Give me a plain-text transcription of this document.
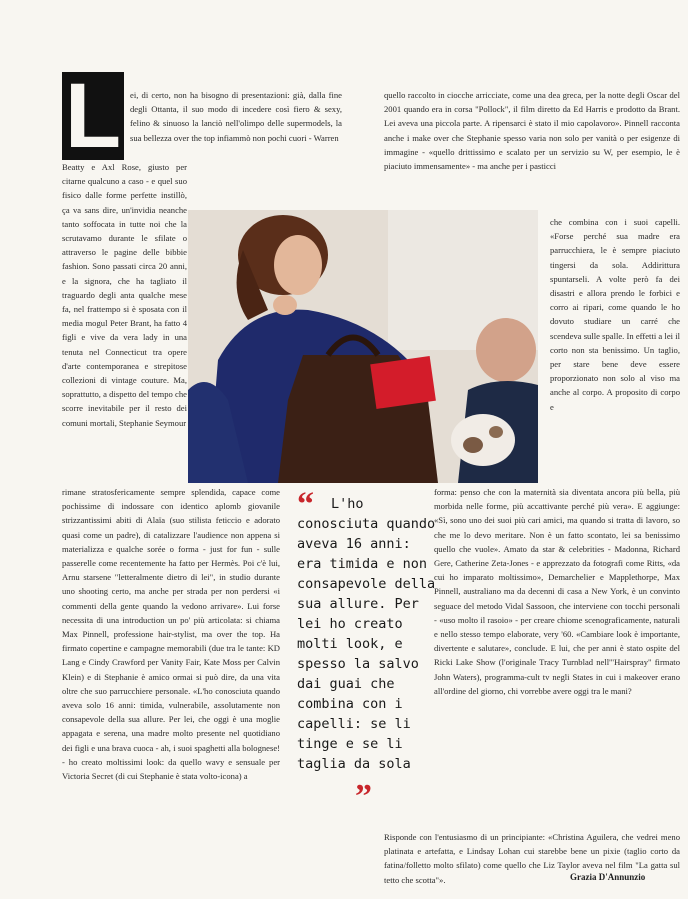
L	ei, di certo, non ha bisogno di presentazioni: già, dalla fine degli Ottanta, il suo modo di incedere così fiero & sexy, felino & sinuoso la lanciò nell'olimpo delle supermodels, la sua bellezza over the top infiammò non pochi cuori - Warren

Beatty e Axl Rose, giusto per citarne qualcuno a caso - e quel suo fisico dalle forme perfette instillò, ça va sans dire, un'invidia neanche tanto soffocata in tutte noi che la scrutavamo durante le sfilate o attraverso le pagine delle bibbie fashion. Sono passati circa 20 anni, e la signora, che ha tagliato il traguardo degli anta qualche mese fa, nel frattempo si è sposata con il media mogul Peter Brant, ha fatto 4 figli e vive da vera lady in una tenuta nel Connecticut tra opere d'arte contemporanea e strepitose collezioni di vintage couture. Ma, soprattutto, a dispetto del tempo che scorre inevitabile per il resto dei comuni mortali, Stephanie Seymour

rimane stratosfericamente sempre splendida, capace come pochissime di indossare con identico aplomb giovanile strizzantissimi abiti di Alaïa (suo stilista feticcio e adorato quasi come un padre), di catalizzare l'audience non appena si materializza e qualche sorée o forma - just for fun - sulle passerelle come recentemente ha fatto per Hermès. Poi c'è lui, Arnu starsene "letteralmente dietro di lei", in studio durante uno shooting certo, ma anche per strada per non perdersi «i commenti della gente quando la vedono arrivare». Lui forse necessita di una introduction un po' più articolata: si chiama Max Pinnell, professione hair-stylist, ma over the top. Ha firmato copertine e campagne memorabili (due tra le tante: KD Lang e Cindy Crawford per Vanity Fair, Kate Moss per Calvin Klein) e di Stephanie è amico ormai si può dire, da una vita oltre che suo parrucchiere personale. «L'ho conosciuta quando aveva solo 16 anni: timida, vulnerabile, assolutamente non consapevole della sua allure. Per lei, che oggi è una moglie appagata e serena, una madre molto presente nel quotidiano dei figli e una brava cuoca - ah, i suoi spaghetti alla bolognese! - ho creato moltissimi look: da quello wavy e sensuale per Victoria Secret (di cui Stephanie è stata volto-icona) a

quello raccolto in ciocche arricciate, come una dea greca, per la notte degli Oscar del 2001 quando era in corsa "Pollock", il film diretto da Ed Harris e prodotto da Brant. Lei aveva una piccola parte. A ripensarci è stato il mio capolavoro». Pinnell racconta anche i make over che Stephanie spesso varia non solo per vanità o per esigenze di immagine - «quello drittissimo e scalato per un servizio su W, per esempio, le è piaciuto immensamente» - ma anche per i pasticci

che combina con i suoi capelli. «Forse perché sua madre era parrucchiera, le è sempre piaciuto tingersi da sola. Addirittura spuntarseli. A volte però fa dei disastri e allora prendo le forbici e corro ai ripari, come quando le ho dovuto studiare un carré che scendeva sulle spalle. In effetti a lei il corto non sta benissimo. Un taglio, per stare bene deve essere proporzionato non solo al viso ma anche al corpo. A proposito di corpo e

forma: penso che con la maternità sia diventata ancora più bella, più morbida nelle forme, più accattivante perché più vera». E aggiunge: «Sì, sono uno dei suoi più cari amici, ma quando si tratta di lavoro, so che me lo devo meritare. Non è un fatto scontato, lei sa benissimo quello che vuole». Amato da star & celebrities - Madonna, Richard Gere, Catherine Zeta-Jones - e apprezzato da fotografi come Ritts, «da cui ho imparato moltissimo», Demarchelier e Mapplethorpe, Max Pinnell, australiano ma da decenni di casa a New York, è un convinto seguace del metodo Vidal Sassoon, che interviene con tocchi personali - «uso molto il rasoio» - per creare chiome scenograficamente, naturali e nello stesso tempo elaborate, very '60. «Cambiare look è importante, divertente e salutare», conclude. E lui, che per anni è stato ospite del Ricki Lake Show (l'originale Tracy Turnblad nell'"Hairspray" firmato John Waters), programma-cult tv negli States in cui i makeover erano all'ordine del giorno, chi vorrebbe avere oggi tra le mani?

Risponde con l'entusiasmo di un principiante: «Christina Aguilera, che vedrei meno platinata e artefatta, e Lindsay Lohan cui starebbe bene un pixie (taglio corto da fatina/folletto molto sfilato) come quello che Liz Taylor aveva nel film "La gatta sul tetto che scotta"».	Grazia D'Annunzio
“	L'ho conosciuta quando aveva 16 anni: era timida e non consapevole della sua allure. Per lei ho creato molti look, e spesso la salvo dai guai che combina con i capelli: se li tinge e se li taglia da sola
”
